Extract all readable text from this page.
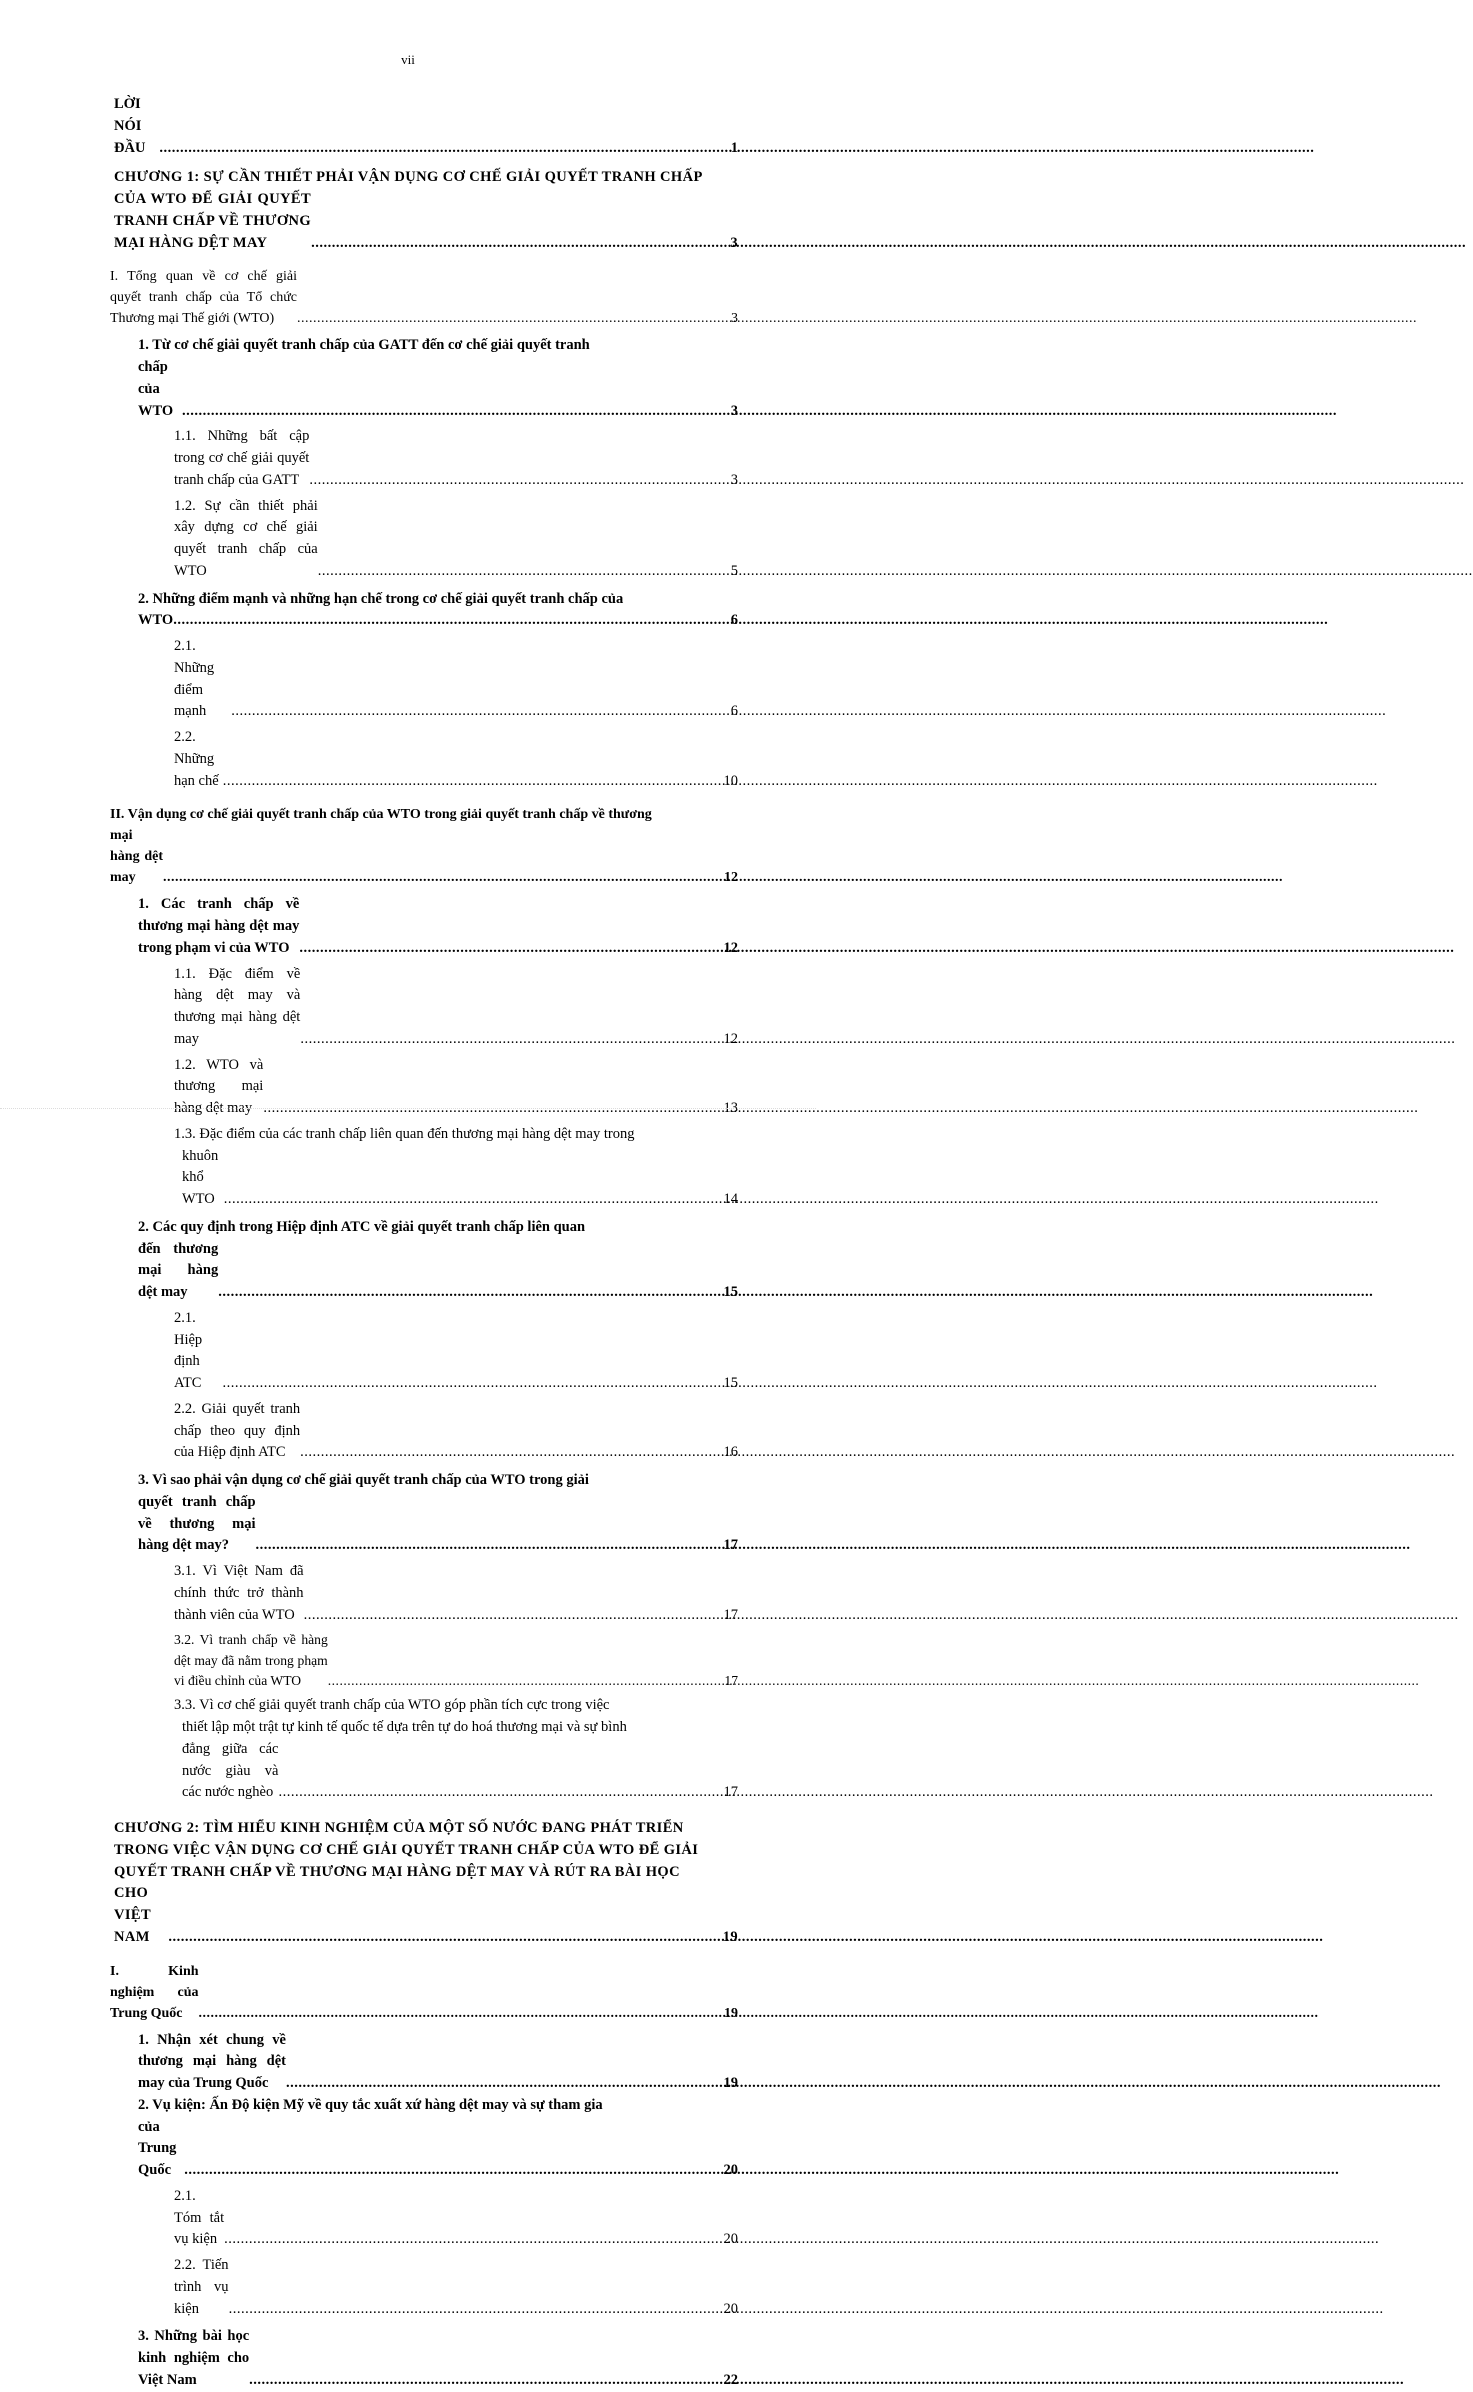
vii
LỜI NÓI ĐẦU .....	1
CHƯƠNG 1: SỰ CẦN THIẾT PHẢI VẬN DỤNG CƠ CHẾ GIẢI QUYẾT TRANH CHẤP
CỦA WTO ĐỂ GIẢI QUYẾT TRANH CHẤP VỀ THƯƠNG MẠI HÀNG DỆT MAY .....	3
I. Tổng quan về cơ chế giải quyết tranh chấp của Tổ chức Thương mại Thế giới (WTO) .....	3
1. Từ cơ chế giải quyết tranh chấp của GATT đến cơ chế giải quyết tranh
chấp của WTO .....	3
1.1. Những bất cập trong cơ chế giải quyết tranh chấp của GATT .....	3
1.2. Sự cần thiết phải xây dựng cơ chế giải quyết tranh chấp của WTO .....	5
2. Những điểm mạnh và những hạn chế trong cơ chế giải quyết tranh chấp của
WTO .....	6
2.1. Những điểm mạnh .....	6
2.2. Những hạn chế .....	10
II. Vận dụng cơ chế giải quyết tranh chấp của WTO trong giải quyết tranh chấp về thương
mại hàng dệt may .....	12
1. Các tranh chấp về thương mại hàng dệt may trong phạm vi của WTO .....	12
1.1. Đặc điểm về hàng dệt may và thương mại hàng dệt may .....	12
1.2. WTO và thương mại hàng dệt may .....	13
1.3. Đặc điểm của các tranh chấp liên quan đến thương mại hàng dệt may trong
khuôn khổ WTO .....	14
2. Các quy định trong Hiệp định ATC về giải quyết tranh chấp liên quan
đến thương mại hàng dệt may .....	15
2.1. Hiệp định ATC .....	15
2.2. Giải quyết tranh chấp theo quy định của Hiệp định ATC .....	16
3. Vì sao phải vận dụng cơ chế giải quyết tranh chấp của WTO trong giải
quyết tranh chấp về thương mại hàng dệt may? .....	17
3.1. Vì Việt Nam đã chính thức trở thành thành viên của WTO .....	17
3.2. Vì tranh chấp về hàng dệt may đã nằm trong phạm vi điều chỉnh của WTO .....	17
3.3. Vì cơ chế giải quyết tranh chấp của WTO góp phần tích cực trong việc
thiết lập một trật tự kinh tế quốc tế dựa trên tự do hoá thương mại và sự bình
đẳng giữa các nước giàu và các nước nghèo .....	17
CHƯƠNG 2: TÌM HIỂU KINH NGHIỆM CỦA MỘT SỐ NƯỚC ĐANG PHÁT TRIỂN
TRONG VIỆC VẬN DỤNG CƠ CHẾ GIẢI QUYẾT TRANH CHẤP CỦA WTO ĐỂ GIẢI
QUYẾT TRANH CHẤP VỀ THƯƠNG MẠI HÀNG DỆT MAY VÀ RÚT RA BÀI HỌC
CHO VIỆT NAM .....	19
I. Kinh nghiệm của Trung Quốc .....	19
1. Nhận xét chung về thương mại hàng dệt may của Trung Quốc .....	19
2. Vụ kiện: Ấn Độ kiện Mỹ về quy tắc xuất xứ hàng dệt may và sự tham gia
của Trung Quốc .....	20
2.1. Tóm tắt vụ kiện .....	20
2.2. Tiến trình vụ kiện .....	20
3. Những bài học kinh nghiệm cho Việt Nam .....	22
